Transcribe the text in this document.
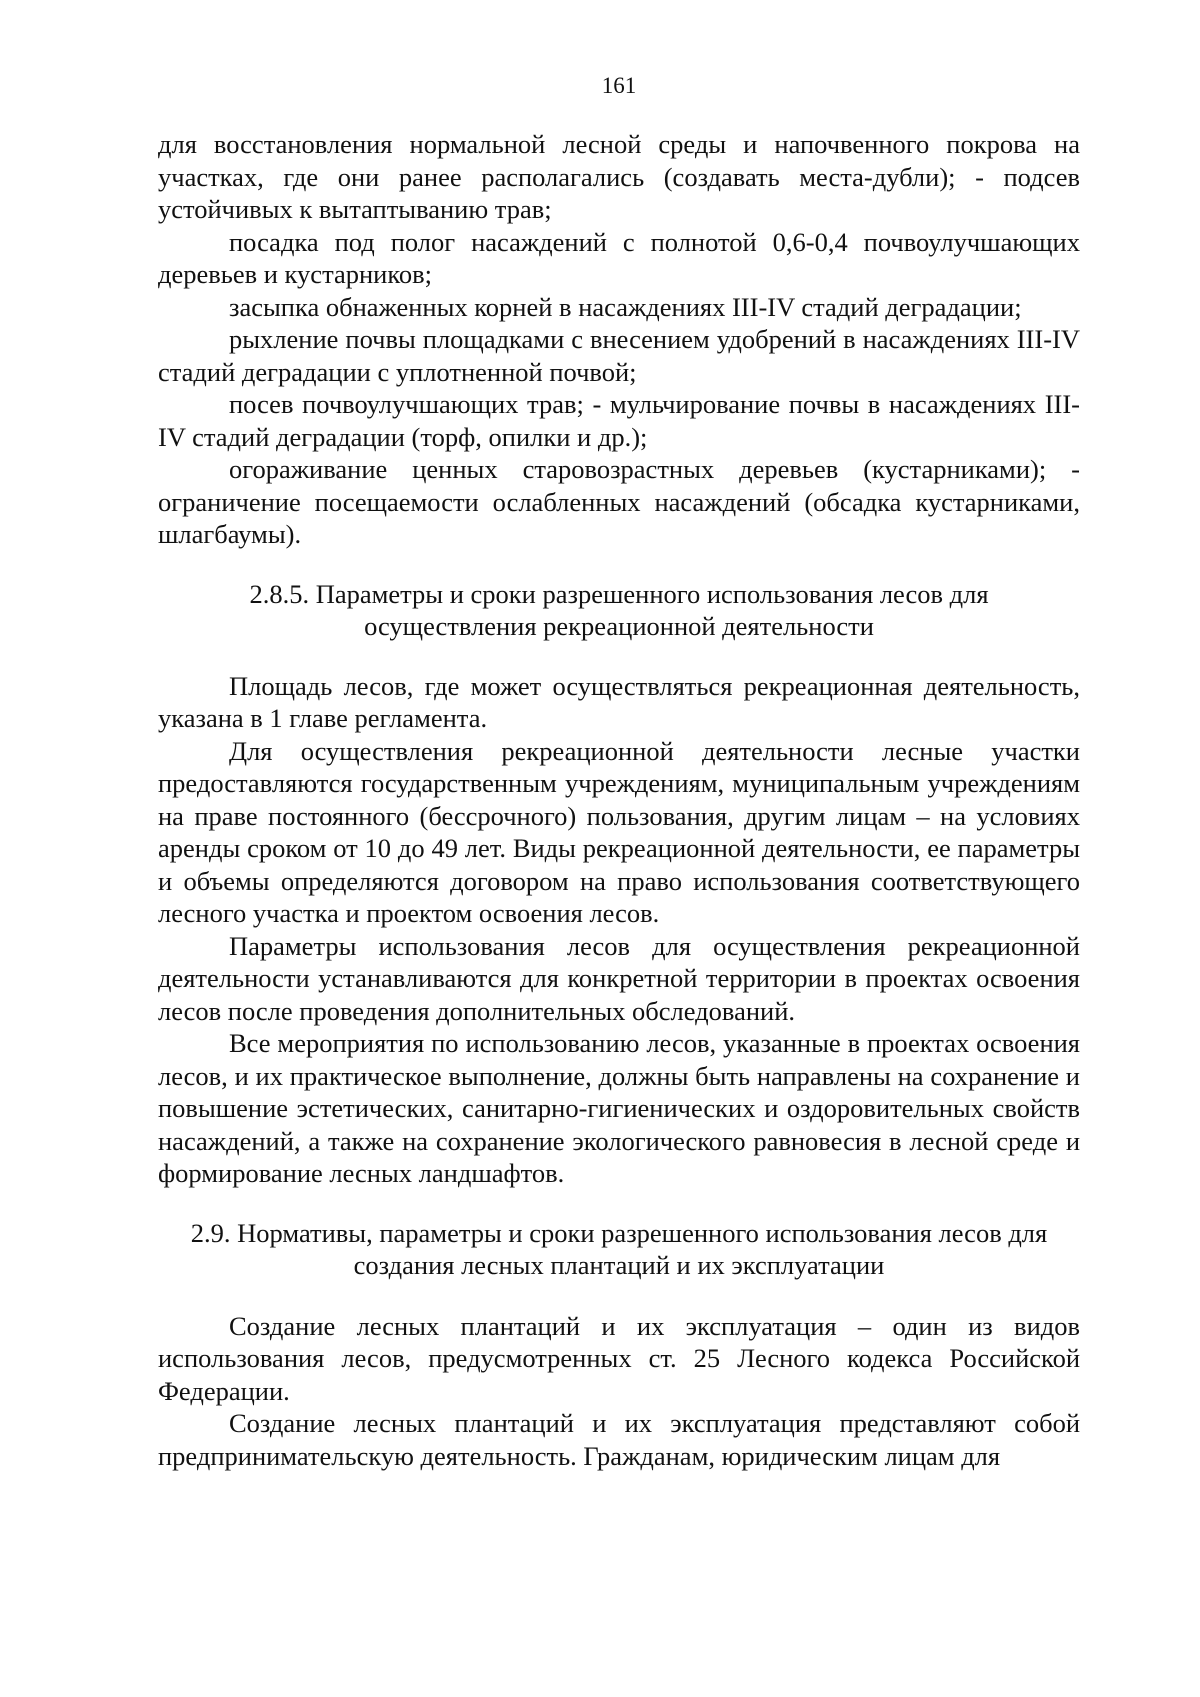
161

для восстановления нормальной лесной среды и напочвенного покрова на участках, где они ранее располагались (создавать места-дубли); - подсев устойчивых к вытаптыванию трав;

посадка под полог насаждений с полнотой 0,6-0,4 почвоулучшающих деревьев и кустарников;

засыпка обнаженных корней в насаждениях III-IV стадий деградации;

рыхление почвы площадками с внесением удобрений в насаждениях III-IV стадий деградации с уплотненной почвой;

посев почвоулучшающих трав; - мульчирование почвы в насаждениях III-IV стадий деградации (торф, опилки и др.);

огораживание ценных старовозрастных деревьев (кустарниками); - ограничение посещаемости ослабленных насаждений (обсадка кустарниками, шлагбаумы).

2.8.5. Параметры и сроки разрешенного использования лесов для
осуществления рекреационной деятельности

Площадь лесов, где может осуществляться рекреационная деятельность, указана в 1 главе регламента.

Для осуществления рекреационной деятельности лесные участки предоставляются государственным учреждениям, муниципальным учреждениям на праве постоянного (бессрочного) пользования, другим лицам – на условиях аренды сроком от 10 до 49 лет. Виды рекреационной деятельности, ее параметры и объемы определяются договором на право использования соответствующего лесного участка и проектом освоения лесов.

Параметры использования лесов для осуществления рекреационной деятельности устанавливаются для конкретной территории в проектах освоения лесов после проведения дополнительных обследований.

Все мероприятия по использованию лесов, указанные в проектах освоения лесов, и их практическое выполнение, должны быть направлены на сохранение и повышение эстетических, санитарно-гигиенических и оздоровительных свойств насаждений, а также на сохранение экологического равновесия в лесной среде и формирование лесных ландшафтов.

2.9. Нормативы, параметры и сроки разрешенного использования лесов для
создания лесных плантаций и их эксплуатации

Создание лесных плантаций и их эксплуатация – один из видов использования лесов, предусмотренных ст. 25 Лесного кодекса Российской Федерации.

Создание лесных плантаций и их эксплуатация представляют собой предпринимательскую деятельность. Гражданам, юридическим лицам для
